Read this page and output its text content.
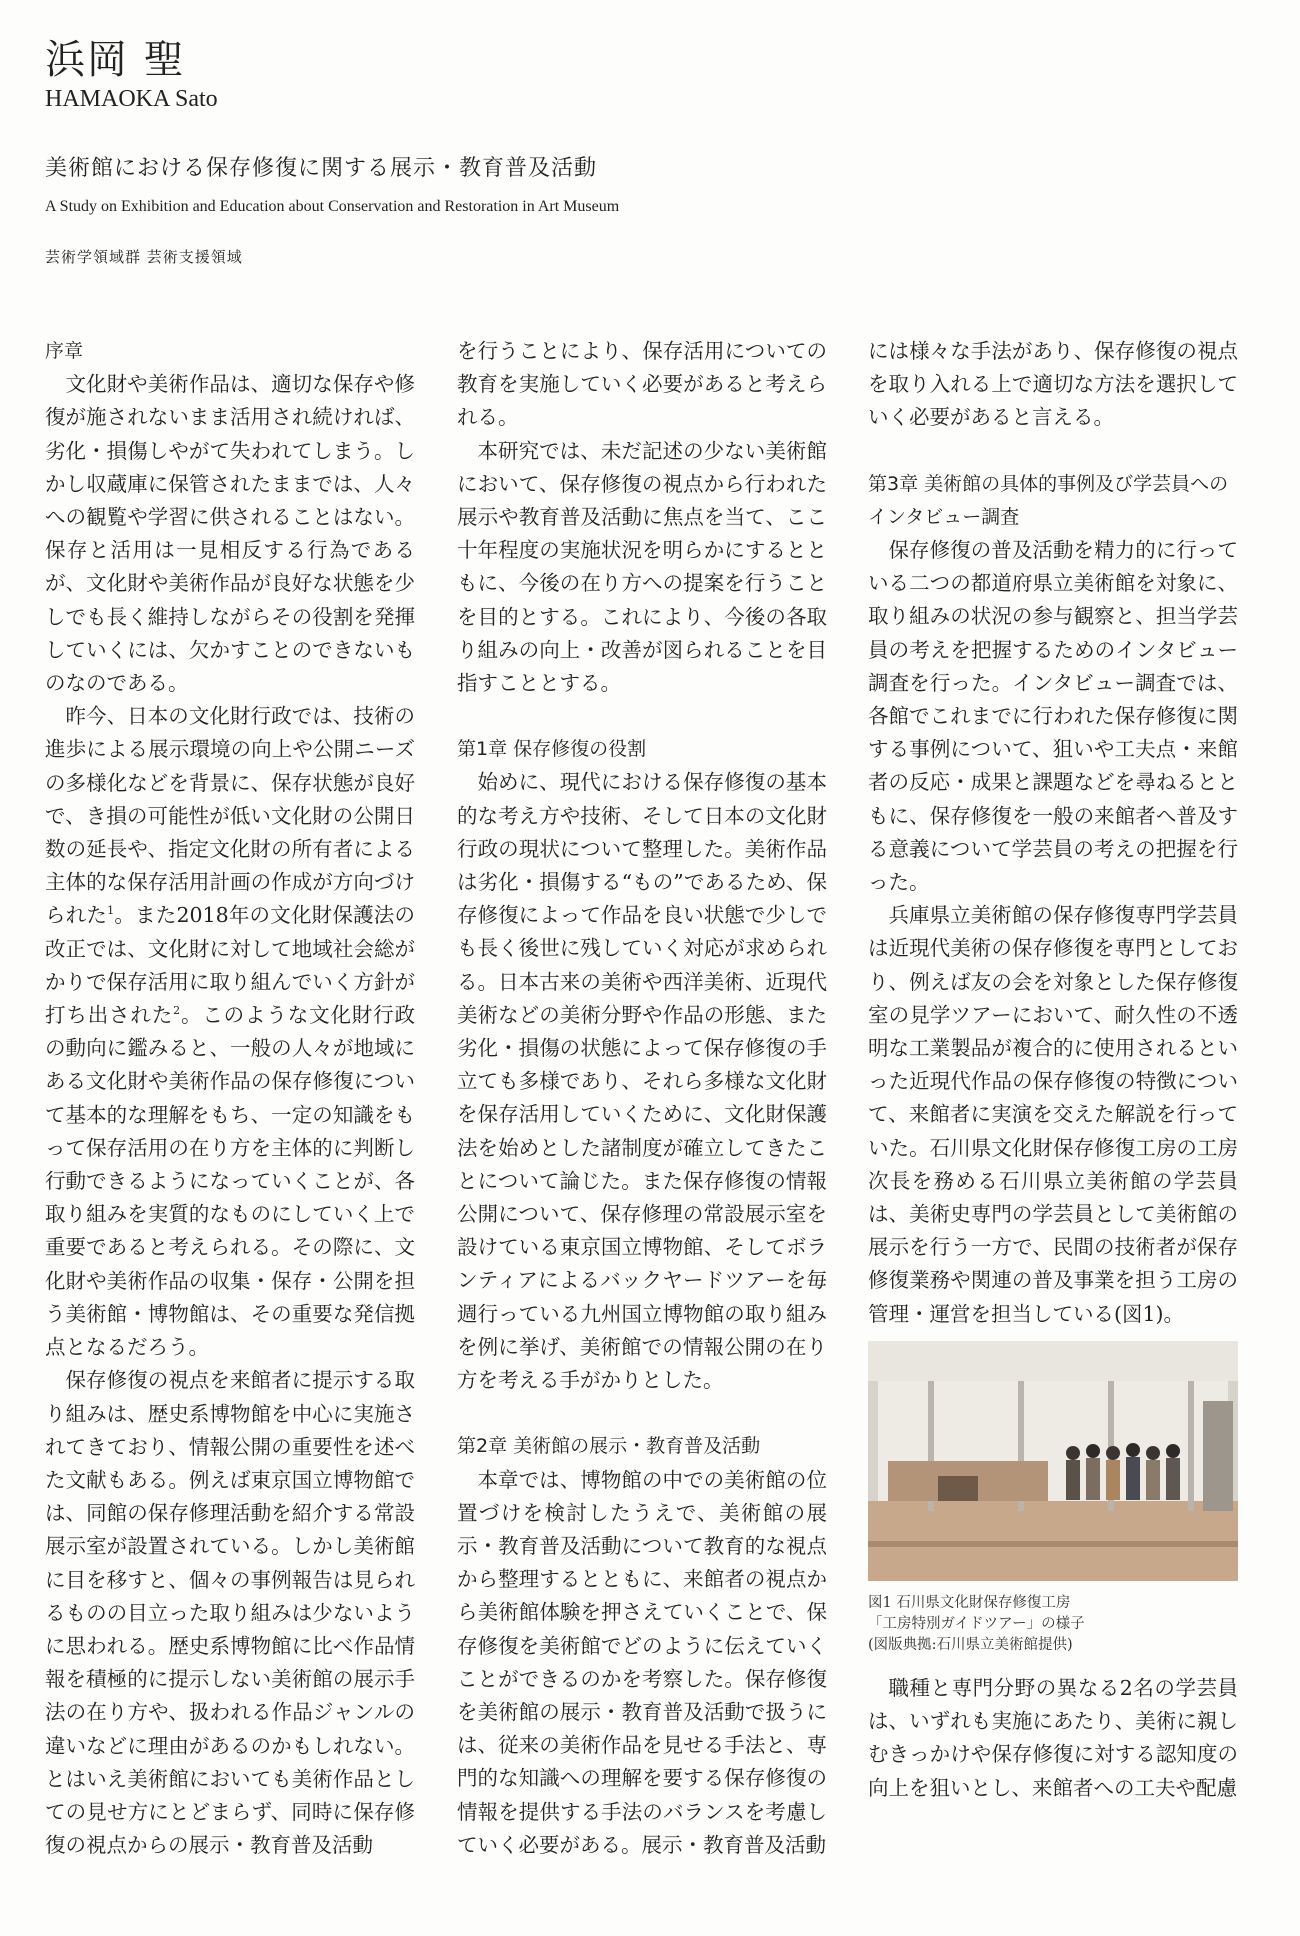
浜岡 聖
HAMAOKA Sato
美術館における保存修復に関する展示・教育普及活動
A Study on Exhibition and Education about Conservation and Restoration in Art Museum
芸術学領域群 芸術支援領域
序章

文化財や美術作品は、適切な保存や修復が施されないまま活用され続ければ、劣化・損傷しやがて失われてしまう。しかし収蔵庫に保管されたままでは、人々への観覧や学習に供されることはない。保存と活用は一見相反する行為であるが、文化財や美術作品が良好な状態を少しでも長く維持しながらその役割を発揮していくには、欠かすことのできないものなのである。

昨今、日本の文化財行政では、技術の進歩による展示環境の向上や公開ニーズの多様化などを背景に、保存状態が良好で、き損の可能性が低い文化財の公開日数の延長や、指定文化財の所有者による主体的な保存活用計画の作成が方向づけられた$^1$。また2018年の文化財保護法の改正では、文化財に対して地域社会総がかりで保存活用に取り組んでいく方針が打ち出された$^2$。このような文化財行政の動向に鑑みると、一般の人々が地域にある文化財や美術作品の保存修復について基本的な理解をもち、一定の知識をもって保存活用の在り方を主体的に判断し行動できるようになっていくことが、各取り組みを実質的なものにしていく上で重要であると考えられる。その際に、文化財や美術作品の収集・保存・公開を担う美術館・博物館は、その重要な発信拠点となるだろう。

保存修復の視点を来館者に提示する取り組みは、歴史系博物館を中心に実施されてきており、情報公開の重要性を述べた文献もある。例えば東京国立博物館では、同館の保存修理活動を紹介する常設展示室が設置されている。しかし美術館に目を移すと、個々の事例報告は見られるものの目立った取り組みは少ないように思われる。歴史系博物館に比べ作品情報を積極的に提示しない美術館の展示手法の在り方や、扱われる作品ジャンルの違いなどに理由があるのかもしれない。とはいえ美術館においても美術作品としての見せ方にとどまらず、同時に保存修復の視点からの展示・教育普及活動

を行うことにより、保存活用についての教育を実施していく必要があると考えられる。

本研究では、未だ記述の少ない美術館において、保存修復の視点から行われた展示や教育普及活動に焦点を当て、ここ十年程度の実施状況を明らかにするとともに、今後の在り方への提案を行うことを目的とする。これにより、今後の各取り組みの向上・改善が図られることを目指すこととする。

第1章 保存修復の役割

始めに、現代における保存修復の基本的な考え方や技術、そして日本の文化財行政の現状について整理した。美術作品は劣化・損傷する“もの”であるため、保存修復によって作品を良い状態で少しでも長く後世に残していく対応が求められる。日本古来の美術や西洋美術、近現代美術などの美術分野や作品の形態、また劣化・損傷の状態によって保存修復の手立ても多様であり、それら多様な文化財を保存活用していくために、文化財保護法を始めとした諸制度が確立してきたことについて論じた。また保存修復の情報公開について、保存修理の常設展示室を設けている東京国立博物館、そしてボランティアによるバックヤードツアーを毎週行っている九州国立博物館の取り組みを例に挙げ、美術館での情報公開の在り方を考える手がかりとした。

第2章 美術館の展示・教育普及活動

本章では、博物館の中での美術館の位置づけを検討したうえで、美術館の展示・教育普及活動について教育的な視点から整理するとともに、来館者の視点から美術館体験を押さえていくことで、保存修復を美術館でどのように伝えていくことができるのかを考察した。保存修復を美術館の展示・教育普及活動で扱うには、従来の美術作品を見せる手法と、専門的な知識への理解を要する保存修復の情報を提供する手法のバランスを考慮していく必要がある。展示・教育普及活動

には様々な手法があり、保存修復の視点を取り入れる上で適切な方法を選択していく必要があると言える。

第3章 美術館の具体的事例及び学芸員へのインタビュー調査

保存修復の普及活動を精力的に行っている二つの都道府県立美術館を対象に、取り組みの状況の参与観察と、担当学芸員の考えを把握するためのインタビュー調査を行った。インタビュー調査では、各館でこれまでに行われた保存修復に関する事例について、狙いや工夫点・来館者の反応・成果と課題などを尋ねるとともに、保存修復を一般の来館者へ普及する意義について学芸員の考えの把握を行った。

兵庫県立美術館の保存修復専門学芸員は近現代美術の保存修復を専門としており、例えば友の会を対象とした保存修復室の見学ツアーにおいて、耐久性の不透明な工業製品が複合的に使用されるといった近現代作品の保存修復の特徴について、来館者に実演を交えた解説を行っていた。石川県文化財保存修復工房の工房次長を務める石川県立美術館の学芸員は、美術史専門の学芸員として美術館の展示を行う一方で、民間の技術者が保存修復業務や関連の普及事業を担う工房の管理・運営を担当している(図1)。

図1 石川県文化財保存修復工房
「工房特別ガイドツアー」の様子
(図版典拠:石川県立美術館提供)

職種と専門分野の異なる2名の学芸員は、いずれも実施にあたり、美術に親しむきっかけや保存修復に対する認知度の向上を狙いとし、来館者への工夫や配慮
